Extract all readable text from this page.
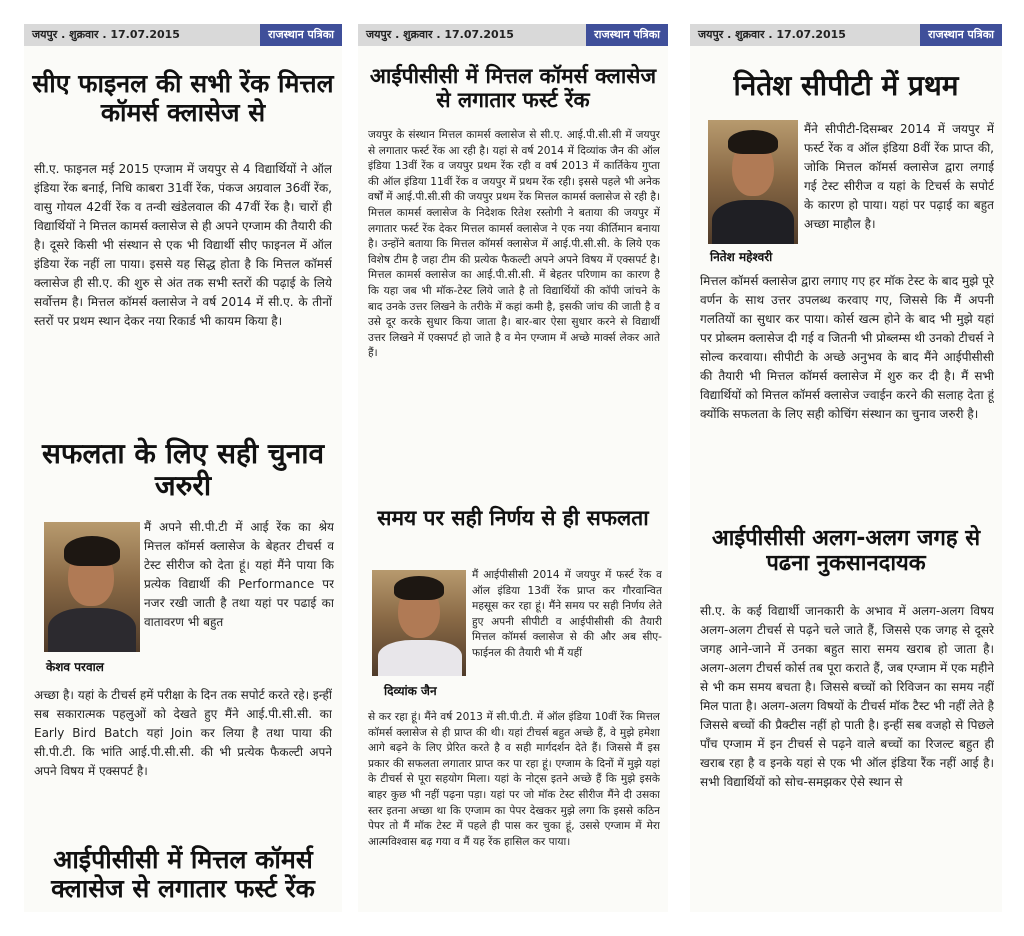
जयपुर . शुक्रवार . 17.07.2015	राजस्थान पत्रिका
सीए फाइनल की सभी रेंक मित्तल कॉमर्स क्लासेज से

सी.ए. फाइनल मई 2015 एग्जाम में जयपुर से 4 विद्यार्थियों ने ऑल इंडिया रेंक बनाई, निधि काबरा 31वीं रेंक, पंकज अग्रवाल 36वीं रेंक, वासु गोयल 42वीं रेंक व तन्वी खंडेलवाल की 47वीं रेंक है। चारों ही विद्यार्थियों ने मित्तल कामर्स क्लासेज से ही अपने एग्जाम की तैयारी की है। दूसरे किसी भी संस्थान से एक भी विद्यार्थी सीए फाइनल में ऑल इंडिया रेंक नहीं ला पाया। इससे यह सिद्ध होता है कि मित्तल कॉमर्स क्लासेज ही सी.ए. की शुरु से अंत तक सभी स्तरों की पढ़ाई के लिये सर्वोत्तम है। मित्तल कॉमर्स क्लासेज ने वर्ष 2014 में सी.ए. के तीनों स्तरों पर प्रथम स्थान देकर नया रिकार्ड भी कायम किया है।

सफलता के लिए सही चुनाव जरुरी
केशव परवाल

मैं अपने सी.पी.टी में आई रेंक का श्रेय मित्तल कॉमर्स क्लासेज के बेहतर टीचर्स व टेस्ट सीरीज को देता हूं। यहां मैंने पाया कि प्रत्येक विद्यार्थी की Performance पर नजर रखी जाती है तथा यहां पर पढाई का वातावरण भी बहुत

अच्छा है। यहां के टीचर्स हमें परीक्षा के दिन तक सपोर्ट करते रहे। इन्हीं सब सकारात्मक पहलुओं को देखते हुए मैंने आई.पी.सी.सी. का Early Bird Batch यहां Join कर लिया है तथा पाया की सी.पी.टी. कि भांति आई.पी.सी.सी. की भी प्रत्येक फैकल्टी अपने अपने विषय में एक्सपर्ट है।

आईपीसीसी में मित्तल कॉमर्स क्लासेज से लगातार फर्स्ट रेंक
जयपुर . शुक्रवार . 17.07.2015	राजस्थान पत्रिका
आईपीसीसी में मित्तल कॉमर्स क्लासेज से लगातार फर्स्ट रेंक

जयपुर के संस्थान मित्तल कामर्स क्लासेज से सी.ए. आई.पी.सी.सी में जयपुर से लगातार फर्स्ट रेंक आ रही है। यहां से वर्ष 2014 में दिव्यांक जैन की ऑल इंडिया 13वीं रेंक व जयपुर प्रथम रेंक रही व वर्ष 2013 में कार्तिकेय गुप्ता की ऑल इंडिया 11वीं रेंक व जयपुर में प्रथम रेंक रही। इससे पहले भी अनेक वर्षों में आई.पी.सी.सी की जयपुर प्रथम रेंक मित्तल कामर्स क्लासेज से रही है। मित्तल कामर्स क्लासेज के निदेशक रितेश रस्तोगी ने बताया की जयपुर में लगातार फर्स्ट रेंक देकर मित्तल कामर्स क्लासेज ने एक नया कीर्तिमान बनाया है। उन्होंने बताया कि मित्तल कॉमर्स क्लासेज में आई.पी.सी.सी. के लिये एक विशेष टीम है जहा टीम की प्रत्येक फैकल्टी अपने अपने विषय में एक्सपर्ट है। मित्तल कामर्स क्लासेज का आई.पी.सी.सी. में बेहतर परिणाम का कारण है कि यहा जब भी मॉक-टेस्ट लिये जाते है तो विद्यार्थियों की कॉपी जांचने के बाद उनके उत्तर लिखने के तरीके में कहां कमी है, इसकी जांच की जाती है व उसे दूर करके सुधार किया जाता है। बार-बार ऐसा सुधार करने से विद्यार्थी उत्तर लिखने में एक्सपर्ट हो जाते है व मेन एग्जाम में अच्छे मार्क्स लेकर आते हैं।

समय पर सही निर्णय से ही सफलता
दिव्यांक जैन

मैं आईपीसीसी 2014 में जयपुर में फर्स्ट रेंक व ऑल इंडिया 13वीं रेंक प्राप्त कर गौरवान्वित महसूस कर रहा हूं। मैंने समय पर सही निर्णय लेते हुए अपनी सीपीटी व आईपीसीसी की तैयारी मित्तल कॉमर्स क्लासेज से की और अब सीए-फाईनल की तैयारी भी मैं यहीं

से कर रहा हूं। मैंने वर्ष 2013 में सी.पी.टी. में ऑल इंडिया 10वीं रेंक मित्तल कॉमर्स क्लासेज से ही प्राप्त की थी। यहां टीचर्स बहुत अच्छे हैं, वे मुझे हमेशा आगे बढ़ने के लिए प्रेरित करते है व सही मार्गदर्शन देते हैं। जिससे मैं इस प्रकार की सफलता लगातार प्राप्त कर पा रहा हूं। एग्जाम के दिनों में मुझे यहां के टीचर्स से पूरा सहयोग मिला। यहां के नोट्स इतने अच्छे हैं कि मुझे इसके बाहर कुछ भी नहीं पढ़ना पड़ा। यहां पर जो मॉक टेस्ट सीरीज मैंने दी उसका स्तर इतना अच्छा था कि एग्जाम का पेपर देखकर मुझे लगा कि इससे कठिन पेपर तो मैं मॉक टेस्ट में पहले ही पास कर चुका हूं, उससे एग्जाम में मेरा आत्मविश्वास बढ़ गया व मैं यह रेंक हासिल कर पाया।

जयपुर . शुक्रवार . 17.07.2015	राजस्थान पत्रिका
नितेश सीपीटी में प्रथम
नितेश महेश्वरी

मैंने सीपीटी-दिसम्बर 2014 में जयपुर में फर्स्ट रेंक व ऑल इंडिया 8वीं रेंक प्राप्त की, जोकि मित्तल कॉमर्स क्लासेज द्वारा लगाई गई टेस्ट सीरीज व यहां के टिचर्स के सपोर्ट के कारण हो पाया। यहां पर पढ़ाई का बहुत अच्छा माहौल है।

मित्तल कॉमर्स क्लासेज द्वारा लगाए गए हर मॉक टेस्ट के बाद मुझे पूरे वर्णन के साथ उत्तर उपलब्ध करवाए गए, जिससे कि मैं अपनी गलतियों का सुधार कर पाया। कोर्स खत्म होने के बाद भी मुझे यहां पर प्रोब्लम क्लासेज दी गई व जितनी भी प्रोब्लम्स थी उनको टीचर्स ने सोल्व करवाया। सीपीटी के अच्छे अनुभव के बाद मैंने आईपीसीसी की तैयारी भी मित्तल कॉमर्स क्लासेज में शुरु कर दी है। मैं सभी विद्यार्थियों को मित्तल कॉमर्स क्लासेज ज्वाईन करने की सलाह देता हूं क्योंकि सफलता के लिए सही कोचिंग संस्थान का चुनाव जरुरी है।

आईपीसीसी अलग-अलग जगह से पढना नुकसानदायक

सी.ए. के कई विद्यार्थी जानकारी के अभाव में अलग-अलग विषय अलग-अलग टीचर्स से पढ़ने चले जाते हैं, जिससे एक जगह से दूसरे जगह आने-जाने में उनका बहुत सारा समय खराब हो जाता है। अलग-अलग टीचर्स कोर्स तब पूरा कराते हैं, जब एग्जाम में एक महीने से भी कम समय बचता है। जिससे बच्चों को रिविजन का समय नहीं मिल पाता है। अलग-अलग विषयों के टीचर्स मॉक टैस्ट भी नहीं लेते है जिससे बच्चों की प्रैक्टीस नहीं हो पाती है। इन्हीं सब वजहो से पिछले पाँच एग्जाम में इन टीचर्स से पढ़ने वाले बच्चों का रिजल्ट बहुत ही खराब रहा है व इनके यहां से एक भी ऑल इंडिया रैंक नहीं आई है। सभी विद्यार्थियों को सोच-समझकर ऐसे स्थान से
